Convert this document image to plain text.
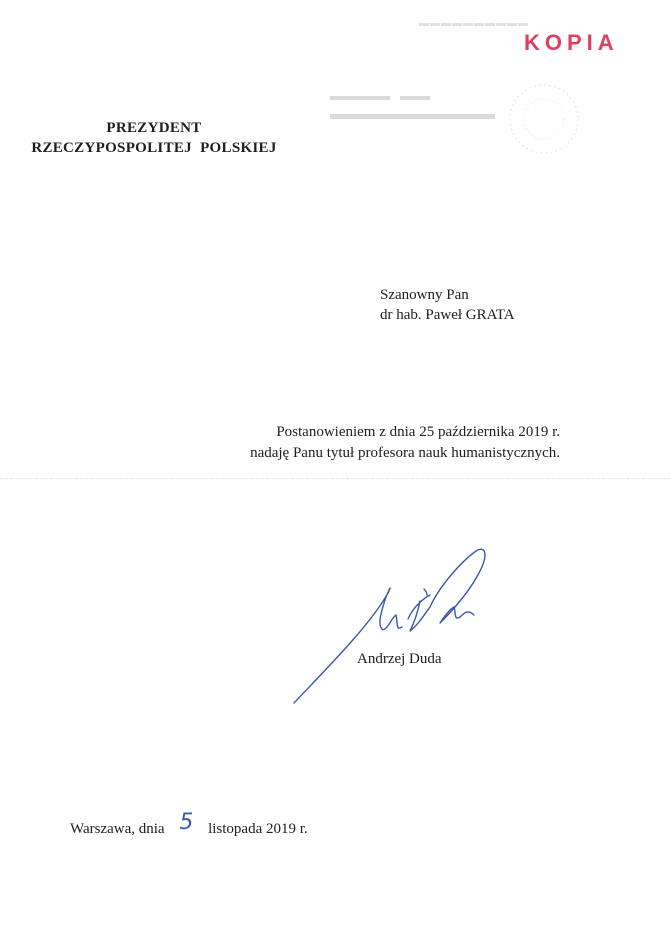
KOPIA
▬▬▬▬▬▬▬▬▬▬
PREZYDENT
RZECZYPOSPOLITEJ  POLSKIEJ
Szanowny Pan
dr hab. Paweł GRATA
Postanowieniem z dnia 25 października 2019 r.
nadaję Panu tytuł profesora nauk humanistycznych.
Andrzej Duda
Warszawa, dnia 5 listopada 2019 r.
